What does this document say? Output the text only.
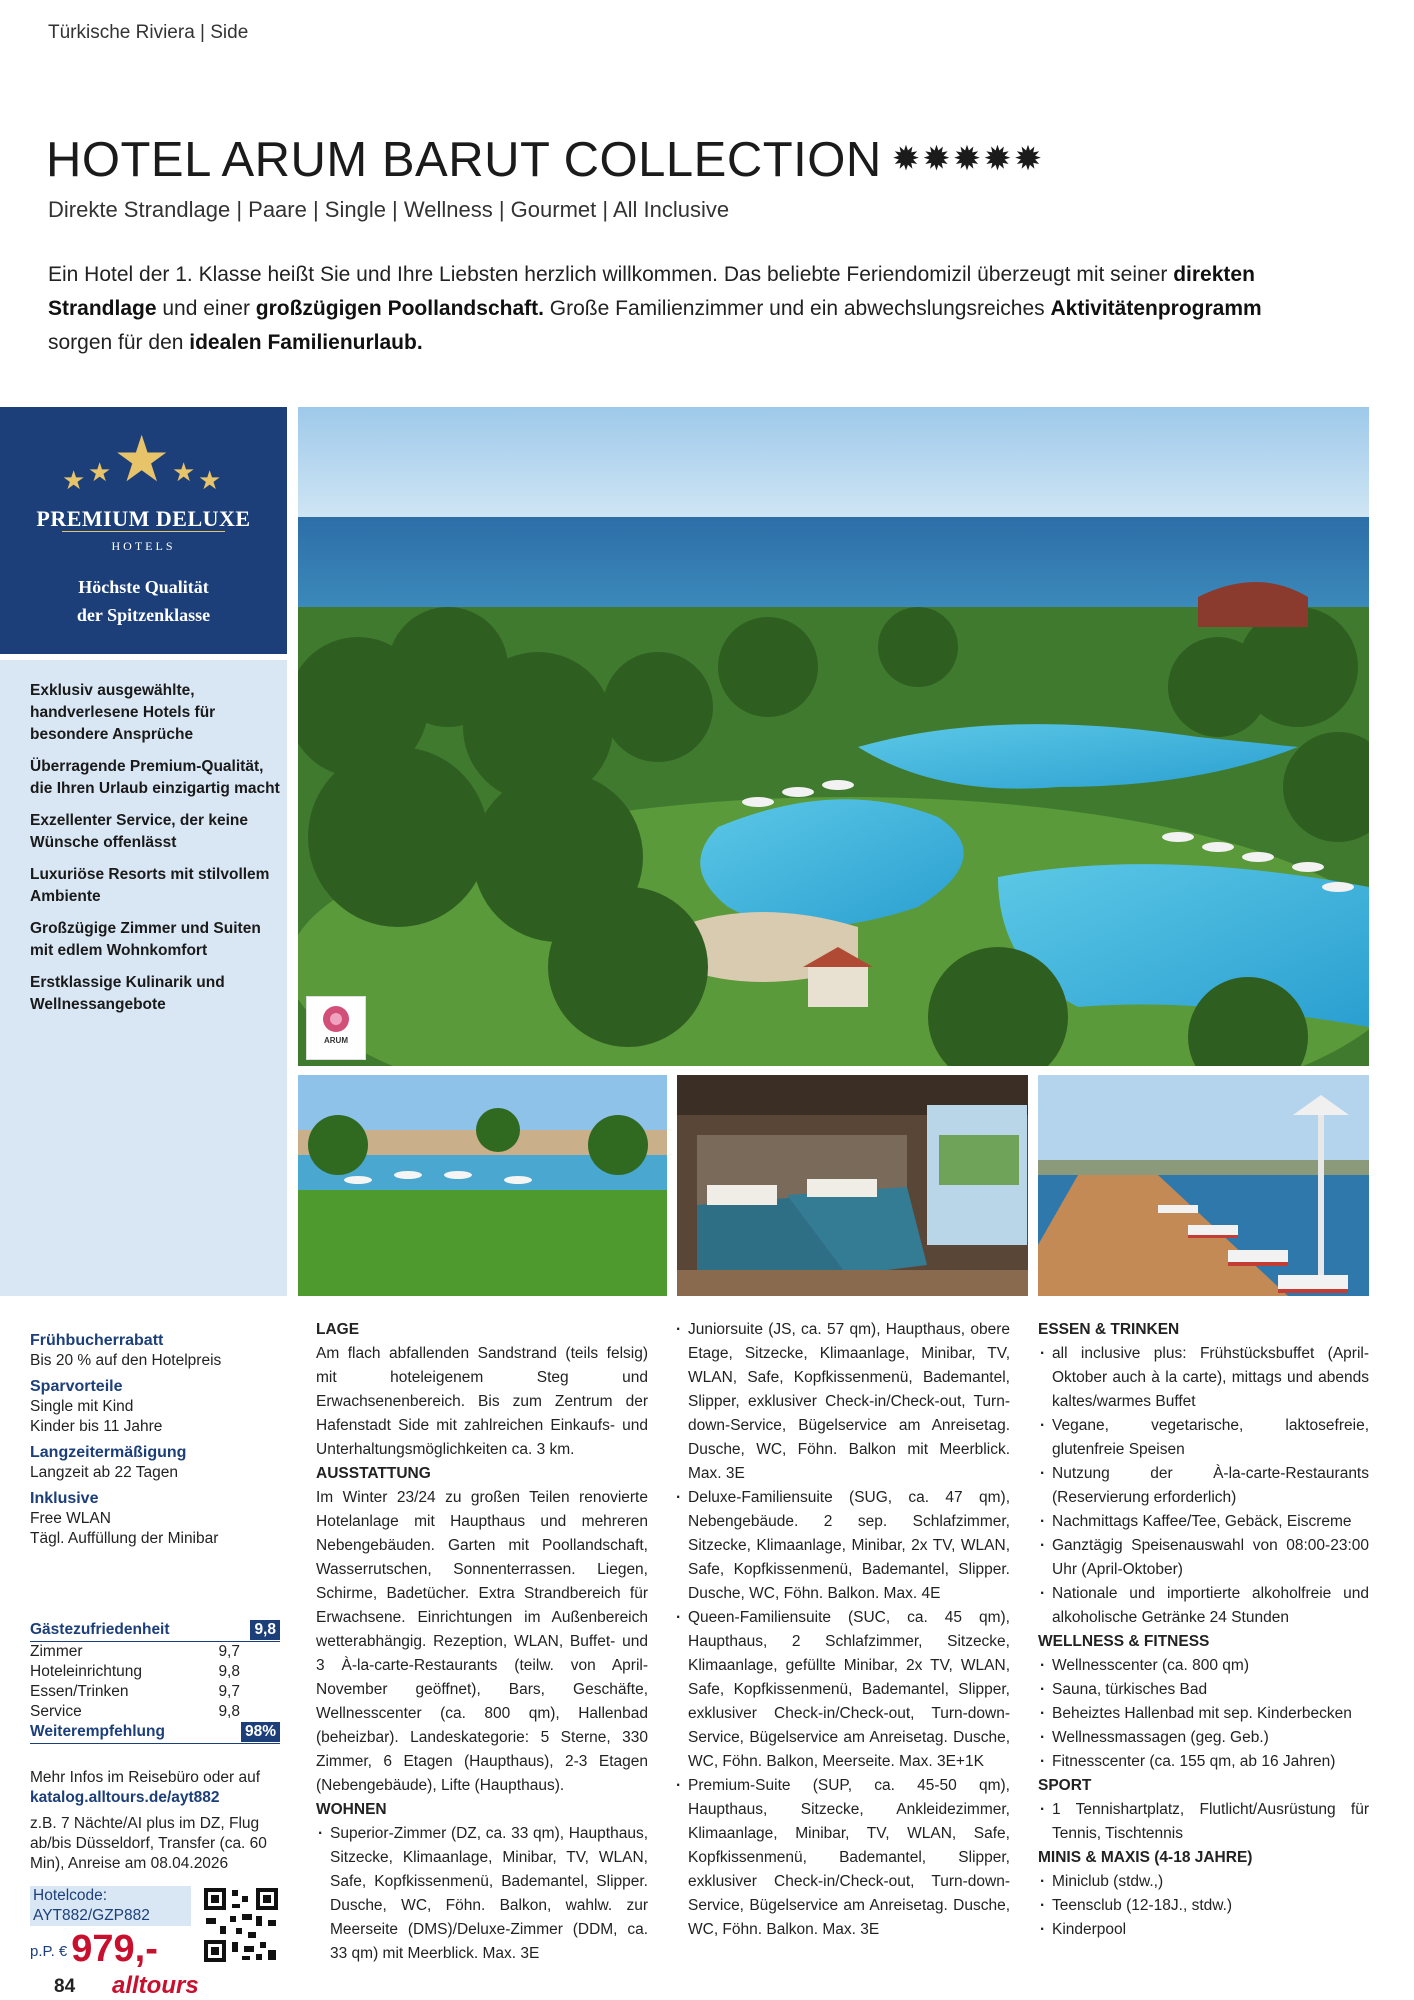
Türkische Riviera | Side
HOTEL ARUM BARUT COLLECTION ✹✹✹✹✹
Direkte Strandlage | Paare | Single | Wellness | Gourmet | All Inclusive
Ein Hotel der 1. Klasse heißt Sie und Ihre Liebsten herzlich willkommen. Das beliebte Feriendomizil überzeugt mit seiner direkten Strandlage und einer großzügigen Poollandschaft. Große Familienzimmer und ein abwechslungsreiches Aktivitätenprogramm sorgen für den idealen Familienurlaub.
★
★ ★ ★ ★
PREMIUM DELUXE
HOTELS
Höchste Qualität
der Spitzenklasse
Exklusiv ausgewählte, handverlesene Hotels für besondere Ansprüche
Überragende Premium-Qualität, die Ihren Urlaub einzigartig macht
Exzellenter Service, der keine Wünsche offenlässt
Luxuriöse Resorts mit stilvollem Ambiente
Großzügige Zimmer und Suiten mit edlem Wohnkomfort
Erstklassige Kulinarik und Wellnessangebote
ARUM
Frühbucherrabatt
Bis 20 % auf den Hotelpreis
Sparvorteile
Single mit Kind
Kinder bis 11 Jahre
Langzeitermäßigung
Langzeit ab 22 Tagen
Inklusive
Free WLAN
Tägl. Auffüllung der Minibar
Gästezufriedenheit	9,8
Zimmer	9,7
Hoteleinrichtung	9,8
Essen/Trinken	9,7
Service	9,8
Weiterempfehlung	98%
Mehr Infos im Reisebüro oder auf
katalog.alltours.de/ayt882
z.B. 7 Nächte/AI plus im DZ, Flug ab/bis Düsseldorf, Transfer (ca. 60 Min), Anreise am 08.04.2026
Hotelcode:
AYT882/GZP882
p.P. € 979,-
84 alltours
LAGE
Am flach abfallenden Sandstrand (teils felsig) mit hoteleigenem Steg und Erwachsenenbereich. Bis zum Zentrum der Hafenstadt Side mit zahlreichen Einkaufs- und Unterhaltungsmöglichkeiten ca. 3 km.
AUSSTATTUNG
Im Winter 23/24 zu großen Teilen renovierte Hotelanlage mit Haupthaus und mehreren Nebengebäuden. Garten mit Poollandschaft, Wasserrutschen, Sonnenterrassen. Liegen, Schirme, Badetücher. Extra Strandbereich für Erwachsene. Einrichtungen im Außenbereich wetterabhängig. Rezeption, WLAN, Buffet- und 3 À-la-carte-Restaurants (teilw. von April-November geöffnet), Bars, Geschäfte, Wellnesscenter (ca. 800 qm), Hallenbad (beheizbar). Landeskategorie: 5 Sterne, 330 Zimmer, 6 Etagen (Haupthaus), 2-3 Etagen (Nebengebäude), Lifte (Haupthaus).
WOHNEN
· Superior-Zimmer (DZ, ca. 33 qm), Haupthaus, Sitzecke, Klimaanlage, Minibar, TV, WLAN, Safe, Kopfkissenmenü, Bademantel, Slipper. Dusche, WC, Föhn. Balkon, wahlw. zur Meerseite (DMS)/Deluxe-Zimmer (DDM, ca. 33 qm) mit Meerblick. Max. 3E
· Juniorsuite (JS, ca. 57 qm), Haupthaus, obere Etage, Sitzecke, Klimaanlage, Minibar, TV, WLAN, Safe, Kopfkissenmenü, Bademantel, Slipper, exklusiver Check-in/Check-out, Turn-down-Service, Bügelservice am Anreisetag. Dusche, WC, Föhn. Balkon mit Meerblick. Max. 3E
· Deluxe-Familiensuite (SUG, ca. 47 qm), Nebengebäude. 2 sep. Schlafzimmer, Sitzecke, Klimaanlage, Minibar, 2x TV, WLAN, Safe, Kopfkissenmenü, Bademantel, Slipper. Dusche, WC, Föhn. Balkon. Max. 4E
· Queen-Familiensuite (SUC, ca. 45 qm), Haupthaus, 2 Schlafzimmer, Sitzecke, Klimaanlage, gefüllte Minibar, 2x TV, WLAN, Safe, Kopfkissenmenü, Bademantel, Slipper, exklusiver Check-in/Check-out, Turn-down-Service, Bügelservice am Anreisetag. Dusche, WC, Föhn. Balkon, Meerseite. Max. 3E+1K
· Premium-Suite (SUP, ca. 45-50 qm), Haupthaus, Sitzecke, Ankleidezimmer, Klimaanlage, Minibar, TV, WLAN, Safe, Kopfkissenmenü, Bademantel, Slipper, exklusiver Check-in/Check-out, Turn-down-Service, Bügelservice am Anreisetag. Dusche, WC, Föhn. Balkon. Max. 3E
ESSEN & TRINKEN
· all inclusive plus: Frühstücksbuffet (April-Oktober auch à la carte), mittags und abends kaltes/warmes Buffet
· Vegane, vegetarische, laktosefreie, glutenfreie Speisen
· Nutzung der À-la-carte-Restaurants (Reservierung erforderlich)
· Nachmittags Kaffee/Tee, Gebäck, Eiscreme
· Ganztägig Speisenauswahl von 08:00-23:00 Uhr (April-Oktober)
· Nationale und importierte alkoholfreie und alkoholische Getränke 24 Stunden
WELLNESS & FITNESS
· Wellnesscenter (ca. 800 qm)
· Sauna, türkisches Bad
· Beheiztes Hallenbad mit sep. Kinderbecken
· Wellnessmassagen (geg. Geb.)
· Fitnesscenter (ca. 155 qm, ab 16 Jahren)
SPORT
· 1 Tennishartplatz, Flutlicht/Ausrüstung für Tennis, Tischtennis
MINIS & MAXIS (4-18 JAHRE)
· Miniclub (stdw.,)
· Teensclub (12-18J., stdw.)
· Kinderpool
